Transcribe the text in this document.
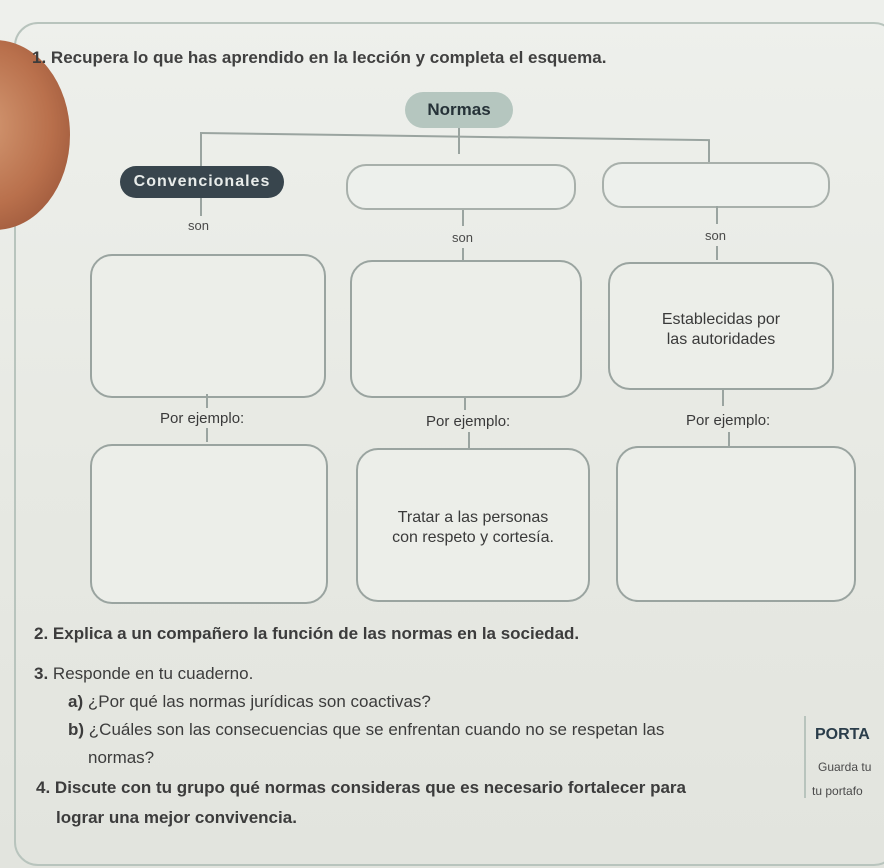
1. Recupera lo que has aprendido en la lección y completa el esquema.
Normas
Convencionales
son
son	son
Establecidas por
las autoridades
Por ejemplo:	Por ejemplo:	Por ejemplo:
Tratar a las personas
con respeto y cortesía.
2. Explica a un compañero la función de las normas en la sociedad.
3. Responde en tu cuaderno.
a) ¿Por qué las normas jurídicas son coactivas?
b) ¿Cuáles son las consecuencias que se enfrentan cuando no se respetan las
normas?
4. Discute con tu grupo qué normas consideras que es necesario fortalecer para
lograr una mejor convivencia.
PORTA
Guarda tu
tu portafo
